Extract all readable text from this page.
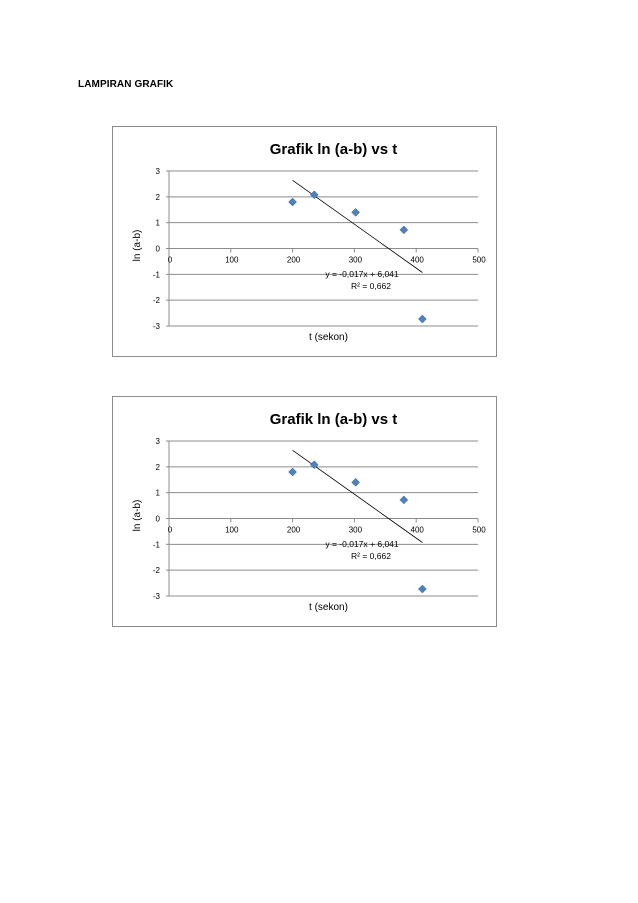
LAMPIRAN GRAFIK
Grafik ln (a-b) vs t
3
2
1
0
-1
-2
-3
0	100	200	300	400	500
y = -0,017x + 6,041
R² = 0,662
t (sekon)
ln (a-b)
Grafik ln (a-b) vs t
3
2
1
0
-1
-2
-3
0	100	200	300	400	500
y = -0,017x + 6,041
R² = 0,662
t (sekon)
ln (a-b)
